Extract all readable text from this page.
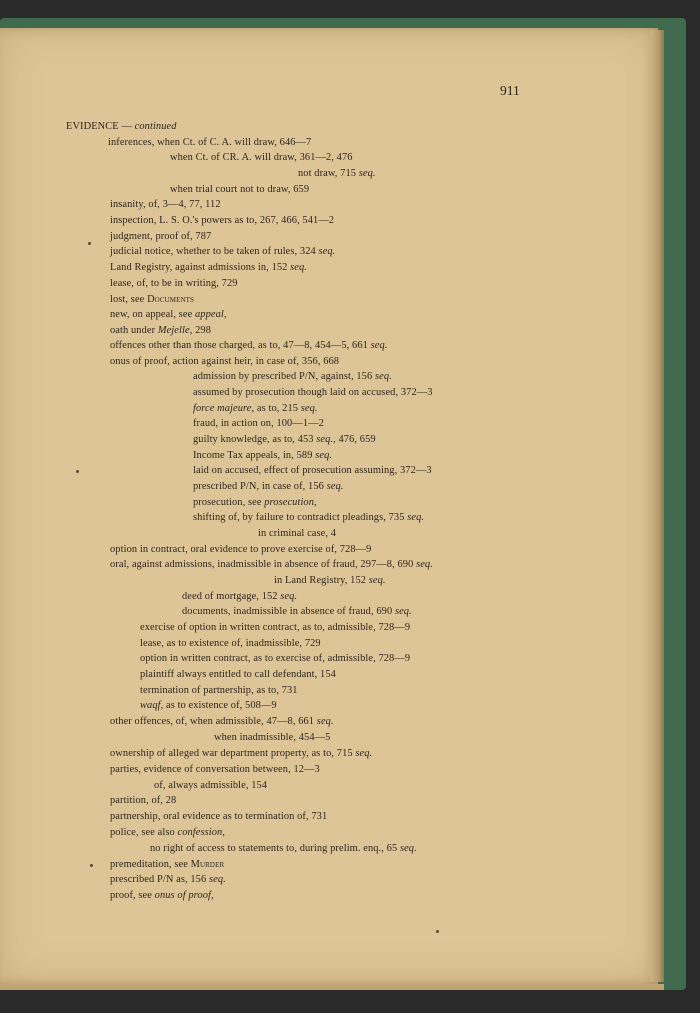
911
EVIDENCE — continued
inferences, when Ct. of C. A. will draw, 646—7
when Ct. of CR. A. will draw, 361—2, 476
not draw, 715 seq.
when trial court not to draw, 659
insanity, of, 3—4, 77, 112
inspection, L. S. O.'s powers as to, 267, 466, 541—2
judgment, proof of, 787
judicial notice, whether to be taken of rules, 324 seq.
Land Registry, against admissions in, 152 seq.
lease, of, to be in writing, 729
lost, see Documents
new, on appeal, see appeal,
oath under Mejelle, 298
offences other than those charged, as to, 47—8, 454—5, 661 seq.
onus of proof, action against heir, in case of, 356, 668
admission by prescribed P/N, against, 156 seq.
assumed by prosecution though laid on accused, 372—3
force majeure, as to, 215 seq.
fraud, in action on, 100—1—2
guilty knowledge, as to, 453 seq., 476, 659
Income Tax appeals, in, 589 seq.
laid on accused, effect of prosecution assuming, 372—3
prescribed P/N, in case of, 156 seq.
prosecution, see prosecution,
shifting of, by failure to contradict pleadings, 735 seq.
in criminal case, 4
option in contract, oral evidence to prove exercise of, 728—9
oral, against admissions, inadmissible in absence of fraud, 297—8, 690 seq.
in Land Registry, 152 seq.
deed of mortgage, 152 seq.
documents, inadmissible in absence of fraud, 690 seq.
exercise of option in written contract, as to, admissible, 728—9
lease, as to existence of, inadmissible, 729
option in written contract, as to exercise of, admissible, 728—9
plaintiff always entitled to call defendant, 154
termination of partnership, as to, 731
waqf, as to existence of, 508—9
other offences, of, when admissible, 47—8, 661 seq.
when inadmissible, 454—5
ownership of alleged war department property, as to, 715 seq.
parties, evidence of conversation between, 12—3
of, always admissible, 154
partition, of, 28
partnership, oral evidence as to termination of, 731
police, see also confession,
no right of access to statements to, during prelim. enq., 65 seq.
premeditation, see Murder
prescribed P/N as, 156 seq.
proof, see onus of proof,
